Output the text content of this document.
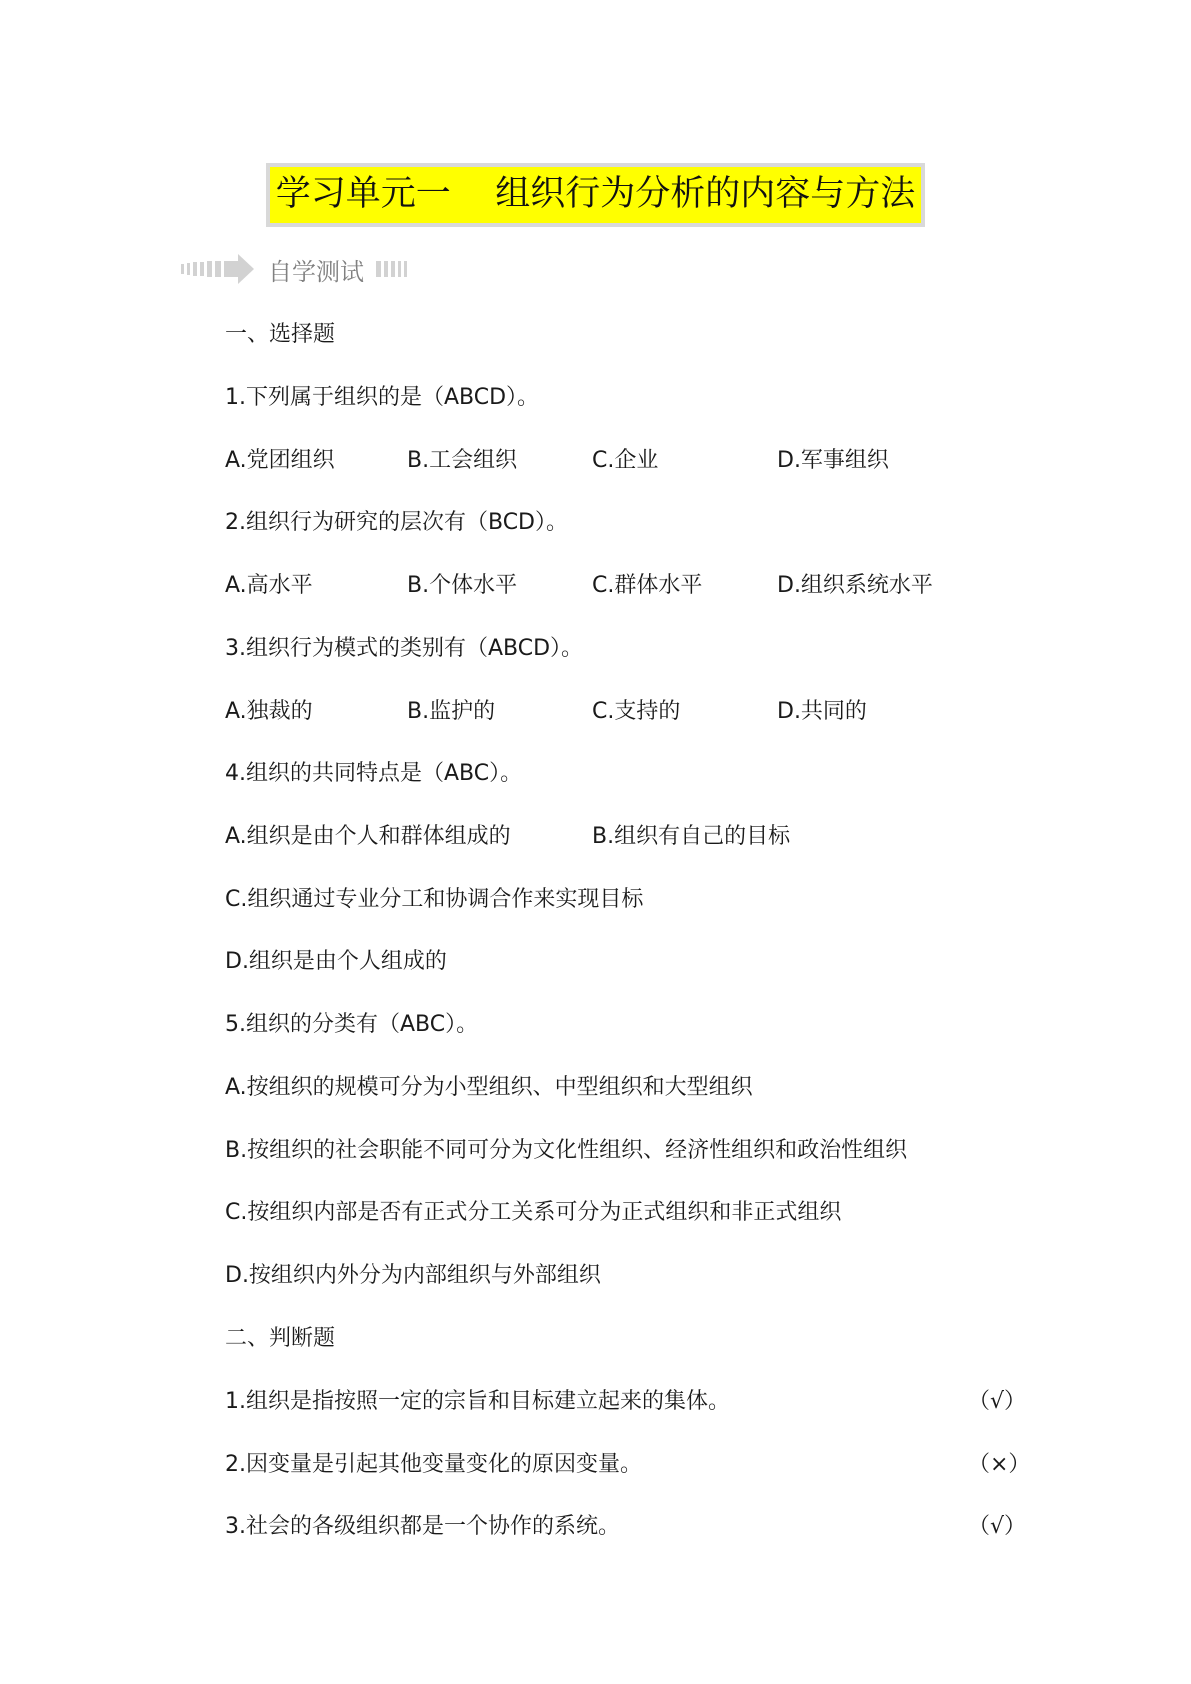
学习单元一    组织行为分析的内容与方法
自学测试
一、选择题
1.下列属于组织的是（ABCD）。
A.党团组织	B.工会组织	C.企业	D.军事组织
2.组织行为研究的层次有（BCD）。
A.高水平	B.个体水平	C.群体水平	D.组织系统水平
3.组织行为模式的类别有（ABCD）。
A.独裁的	B.监护的	C.支持的	D.共同的
4.组织的共同特点是（ABC）。
A.组织是由个人和群体组成的	B.组织有自己的目标
C.组织通过专业分工和协调合作来实现目标
D.组织是由个人组成的
5.组织的分类有（ABC）。
A.按组织的规模可分为小型组织、中型组织和大型组织
B.按组织的社会职能不同可分为文化性组织、经济性组织和政治性组织
C.按组织内部是否有正式分工关系可分为正式组织和非正式组织
D.按组织内外分为内部组织与外部组织
二、判断题
1.组织是指按照一定的宗旨和目标建立起来的集体。	（√）
2.因变量是引起其他变量变化的原因变量。	（×）
3.社会的各级组织都是一个协作的系统。	（√）
